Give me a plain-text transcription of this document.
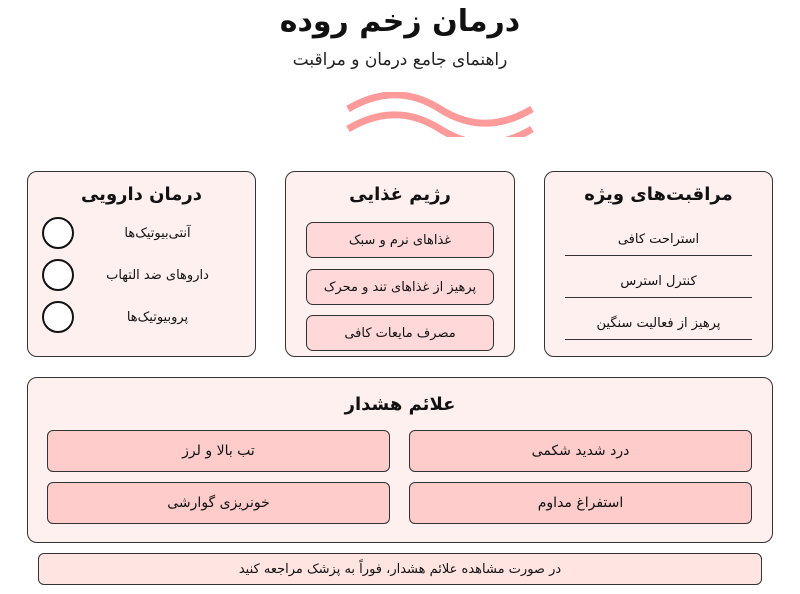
درمان زخم روده
راهنمای جامع درمان و مراقبت
مراقبت‌های ویژه
استراحت کافی
کنترل استرس
پرهیز از فعالیت سنگین
رژیم غذایی
غذاهای نرم و سبک
پرهیز از غذاهای تند و محرک
مصرف مایعات کافی
درمان دارویی
آنتی‌بیوتیک‌ها
داروهای ضد التهاب
پروبیوتیک‌ها
علائم هشدار
درد شدید شکمی
تب بالا و لرز
استفراغ مداوم
خونریزی گوارشی
در صورت مشاهده علائم هشدار، فوراً به پزشک مراجعه کنید
